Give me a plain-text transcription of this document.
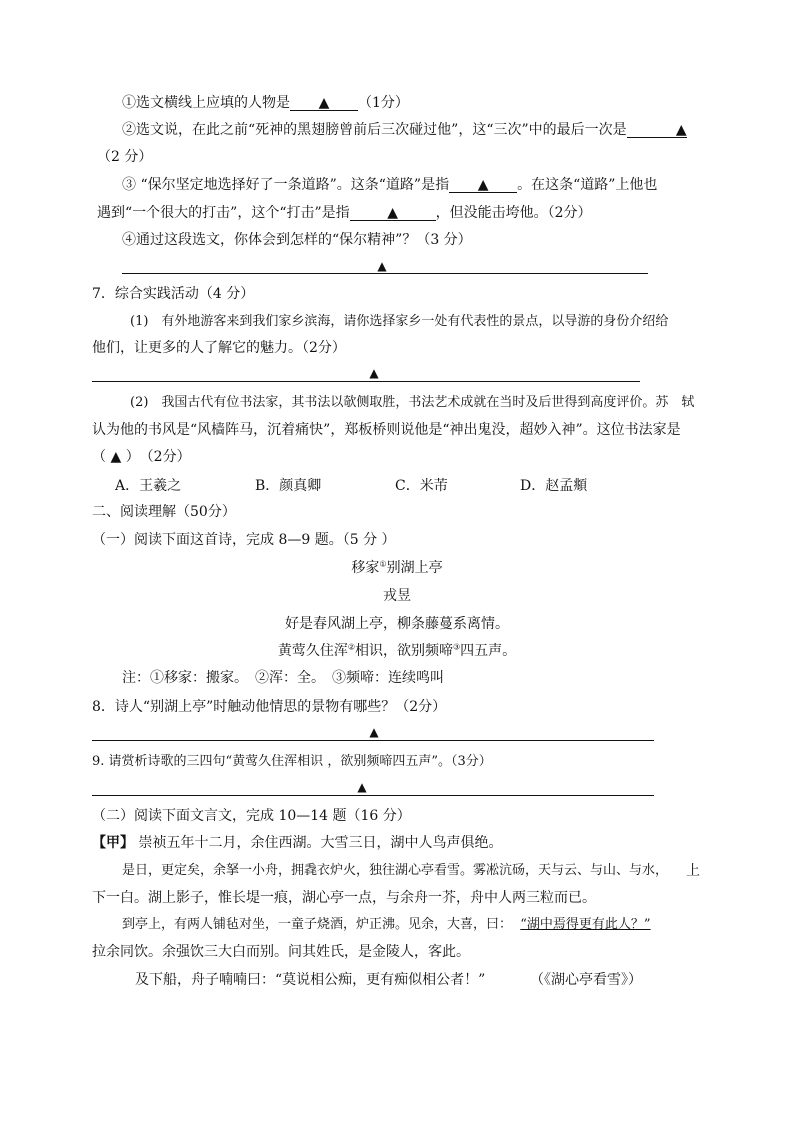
①选文横线上应填的人物是 ▲ （1分）
②选文说，在此之前“死神的黑翅膀曾前后三次碰过他”，这“三次”中的最后一次是	▲
（2 分）
③ “保尔坚定地选择好了一条道路”。这条“道路”是指 ▲ 。在这条“道路”上他也
遇到“一个很大的打击”，这个“打击”是指	▲	，但没能击垮他。（2分）
④通过这段选文，你体会到怎样的“保尔精神”？（3 分）
▲
7．综合实践活动（4 分）
(1)　有外地游客来到我们家乡滨海，请你选择家乡一处有代表性的景点，以导游的身份介绍给
他们，让更多的人了解它的魅力。（2分）
▲
(2)　我国古代有位书法家，其书法以欹侧取胜，书法艺术成就在当时及后世得到高度评价。苏　轼
认为他的书风是“风樯阵马，沉着痛快”，郑板桥则说他是“神出鬼没，超妙入神”。这位书法家是
（ ▲ ）　（2分）
A．王羲之	B．颜真卿	C．米芾	D．赵孟頫
二、阅读理解（50分）
（一）阅读下面这首诗，完成 8—9 题。（5 分 ）
移家①别湖上亭
戎昱
好是春风湖上亭，柳条藤蔓系离情。
黄莺久住浑②相识，欲别频啼③四五声。
注：①移家：搬家。　②浑：全。　③频啼：连续鸣叫
8．诗人“别湖上亭”时触动他情思的景物有哪些？（2分）
▲
9. 请赏析诗歌的三四句“黄莺久住浑相识 ，欲别频啼四五声”。（3分）
▲
（二）阅读下面文言文，完成 10—14 题（16 分）
【甲】 崇祯五年十二月，余住西湖。大雪三日，湖中人鸟声俱绝。
是日，更定矣，余拏一小舟，拥毳衣炉火，独往湖心亭看雪。雾凇沆砀，天与云、与山、与水， 上
下一白。湖上影子，惟长堤一痕，湖心亭一点，与余舟一芥，舟中人两三粒而已。
到亭上，有两人铺毡对坐，一童子烧酒，炉正沸。见余，大喜，曰： “湖中焉得更有此人？”
拉余同饮。余强饮三大白而别。问其姓氏，是金陵人，客此。
及下船，舟子喃喃曰：“莫说相公痴，更有痴似相公者！”	（《湖心亭看雪》）
